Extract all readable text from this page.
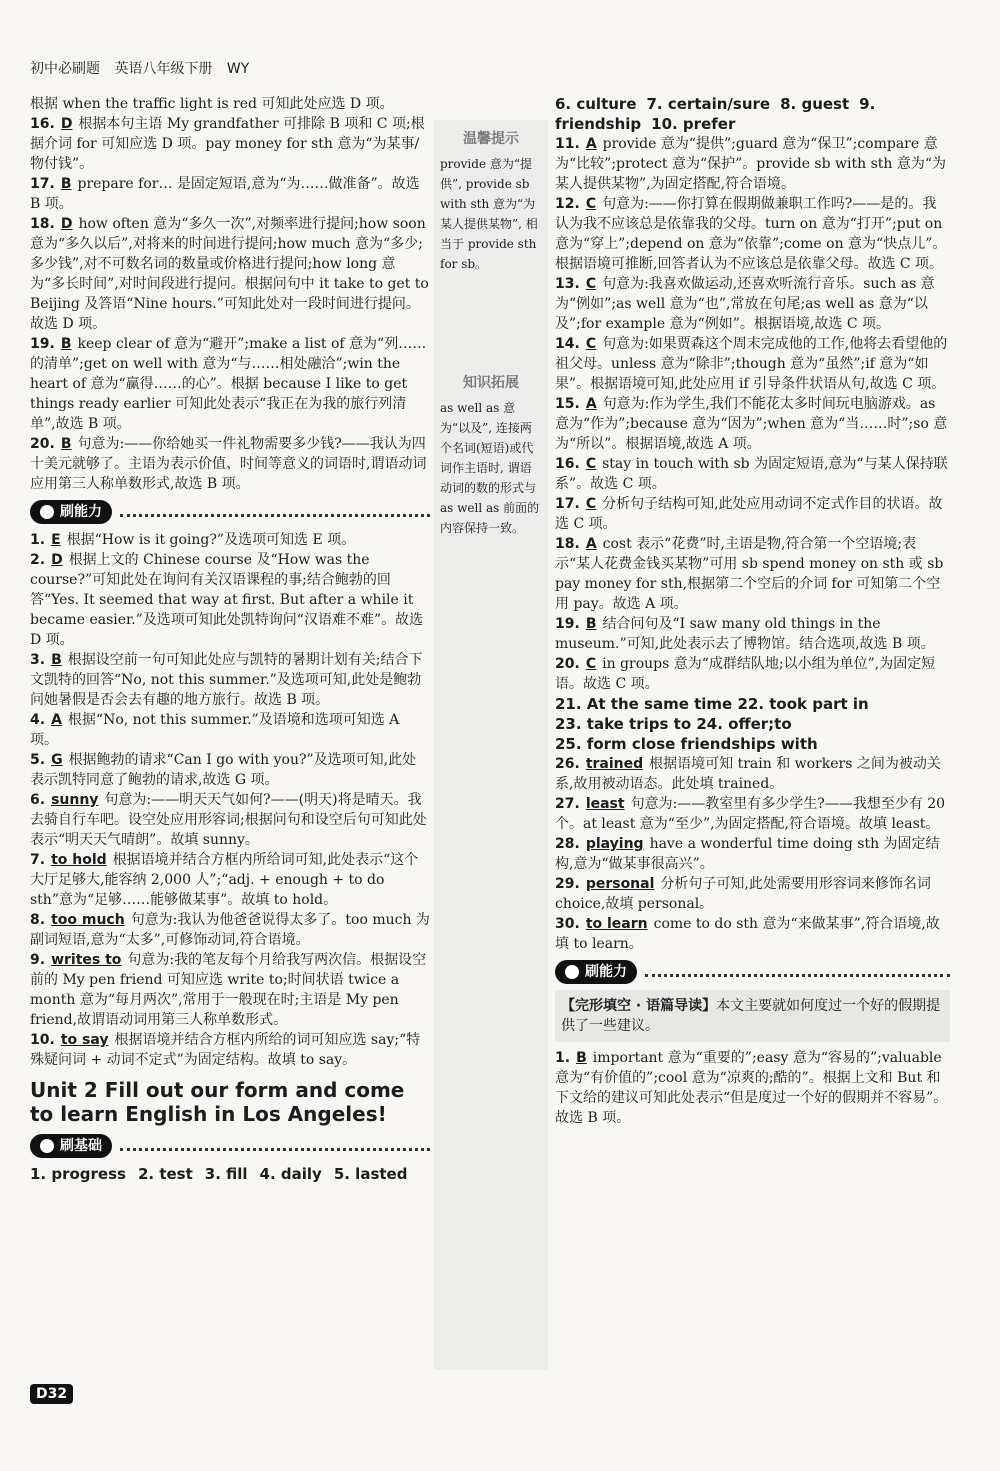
初中必刷题 英语八年级下册 WY

根据 when the traffic light is red 可知此处应选 D 项。

16. D 根据本句主语 My grandfather 可排除 B 项和 C 项;根据介词 for 可知应选 D 项。pay money for sth 意为“为某事/物付钱”。

17. B prepare for… 是固定短语,意为“为……做准备”。故选 B 项。

18. D how often 意为“多久一次”,对频率进行提问;how soon 意为“多久以后”,对将来的时间进行提问;how much 意为“多少;多少钱”,对不可数名词的数量或价格进行提问;how long 意为“多长时间”,对时间段进行提问。根据问句中 it take to get to Beijing 及答语“Nine hours.”可知此处对一段时间进行提问。故选 D 项。

19. B keep clear of 意为“避开”;make a list of 意为“列……的清单”;get on well with 意为“与……相处融洽”;win the heart of 意为“赢得……的心”。根据 because I like to get things ready earlier 可知此处表示“我正在为我的旅行列清单”,故选 B 项。

20. B 句意为:——你给她买一件礼物需要多少钱?——我认为四十美元就够了。主语为表示价值、时间等意义的词语时,谓语动词应用第三人称单数形式,故选 B 项。

刷能力

1. E 根据“How is it going?”及选项可知选 E 项。

2. D 根据上文的 Chinese course 及“How was the course?”可知此处在询问有关汉语课程的事;结合鲍勃的回答“Yes. It seemed that way at first. But after a while it became easier.”及选项可知此处凯特询问“汉语难不难”。故选 D 项。

3. B 根据设空前一句可知此处应与凯特的暑期计划有关;结合下文凯特的回答“No, not this summer.”及选项可知,此处是鲍勃问她暑假是否会去有趣的地方旅行。故选 B 项。

4. A 根据“No, not this summer.”及语境和选项可知选 A 项。

5. G 根据鲍勃的请求“Can I go with you?”及选项可知,此处表示凯特同意了鲍勃的请求,故选 G 项。

6. sunny 句意为:——明天天气如何?——(明天)将是晴天。我去骑自行车吧。设空处应用形容词;根据问句和设空后句可知此处表示“明天天气晴朗”。故填 sunny。

7. to hold 根据语境并结合方框内所给词可知,此处表示“这个大厅足够大,能容纳 2,000 人”;“adj. + enough + to do sth”意为“足够……能够做某事”。故填 to hold。

8. too much 句意为:我认为他爸爸说得太多了。too much 为副词短语,意为“太多”,可修饰动词,符合语境。

9. writes to 句意为:我的笔友每个月给我写两次信。根据设空前的 My pen friend 可知应选 write to;时间状语 twice a month 意为“每月两次”,常用于一般现在时;主语是 My pen friend,故谓语动词用第三人称单数形式。

10. to say 根据语境并结合方框内所给的词可知应选 say;“特殊疑问词 + 动词不定式”为固定结构。故填 to say。

Unit 2 Fill out our form and come to learn English in Los Angeles!
刷基础
1. progress 2. test 3. fill 4. daily 5. lasted
温馨提示

provide 意为“提供”, provide sb with sth 意为“为某人提供某物”, 相当于 provide sth for sb。

知识拓展

as well as 意为“以及”, 连接两个名词(短语)或代词作主语时, 谓语动词的数的形式与 as well as 前面的内容保持一致。

6. culture 7. certain/sure 8. guest 9. friendship 10. prefer

11. A provide 意为“提供”;guard 意为“保卫”;compare 意为“比较”;protect 意为“保护”。provide sb with sth 意为“为某人提供某物”,为固定搭配,符合语境。

12. C 句意为:——你打算在假期做兼职工作吗?——是的。我认为我不应该总是依靠我的父母。turn on 意为“打开”;put on 意为“穿上”;depend on 意为“依靠”;come on 意为“快点儿”。根据语境可推断,回答者认为不应该总是依靠父母。故选 C 项。

13. C 句意为:我喜欢做运动,还喜欢听流行音乐。such as 意为“例如”;as well 意为“也”,常放在句尾;as well as 意为“以及”;for example 意为“例如”。根据语境,故选 C 项。

14. C 句意为:如果贾森这个周末完成他的工作,他将去看望他的祖父母。unless 意为“除非”;though 意为“虽然”;if 意为“如果”。根据语境可知,此处应用 if 引导条件状语从句,故选 C 项。

15. A 句意为:作为学生,我们不能花太多时间玩电脑游戏。as 意为“作为”;because 意为“因为”;when 意为“当……时”;so 意为“所以”。根据语境,故选 A 项。

16. C stay in touch with sb 为固定短语,意为“与某人保持联系”。故选 C 项。

17. C 分析句子结构可知,此处应用动词不定式作目的状语。故选 C 项。

18. A cost 表示“花费”时,主语是物,符合第一个空语境;表示“某人花费金钱买某物”可用 sb spend money on sth 或 sb pay money for sth,根据第二个空后的介词 for 可知第二个空用 pay。故选 A 项。

19. B 结合问句及“I saw many old things in the museum.”可知,此处表示去了博物馆。结合选项,故选 B 项。

20. C in groups 意为“成群结队地;以小组为单位”,为固定短语。故选 C 项。

21. At the same time 22. took part in
23. take trips to 24. offer;to
25. form close friendships with

26. trained 根据语境可知 train 和 workers 之间为被动关系,故用被动语态。此处填 trained。

27. least 句意为:——教室里有多少学生?——我想至少有 20 个。at least 意为“至少”,为固定搭配,符合语境。故填 least。

28. playing have a wonderful time doing sth 为固定结构,意为“做某事很高兴”。

29. personal 分析句子可知,此处需要用形容词来修饰名词 choice,故填 personal。

30. to learn come to do sth 意为“来做某事”,符合语境,故填 to learn。

刷能力
【完形填空 · 语篇导读】本文主要就如何度过一个好的假期提供了一些建议。

1. B important 意为“重要的”;easy 意为“容易的”;valuable 意为“有价值的”;cool 意为“凉爽的;酷的”。根据上文和 But 和下文给的建议可知此处表示“但是度过一个好的假期并不容易”。故选 B 项。

D32
